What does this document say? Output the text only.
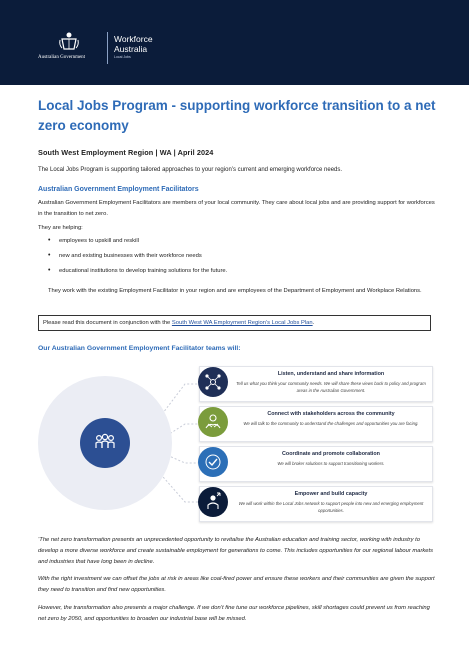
Australian Government
Workforce
Australia
Local Jobs
Local Jobs Program - supporting workforce transition to a net zero economy
South West Employment Region | WA | April 2024
The Local Jobs Program is supporting tailored approaches to your region’s current and emerging workforce needs.
Australian Government Employment Facilitators
Australian Government Employment Facilitators are members of your local community. They care about local jobs and are providing support for workforces in the transition to net zero.
They are helping:
• employees to upskill and reskill
• new and existing businesses with their workforce needs
• educational institutions to develop training solutions for the future.
They work with the existing Employment Facilitator in your region and are employees of the Department of Employment and Workplace Relations.
Please read this document in conjunction with the South West WA Employment Region’s Local Jobs Plan.
Our Australian Government Employment Facilitator teams will:
Listen, understand and share information
Tell us what you think your community needs. We will share these views back to policy and program areas in the Australian Government.
Connect with stakeholders across the community
We will talk to the community to understand the challenges and opportunities you are facing.
Coordinate and promote collaboration
We will broker solutions to support transitioning workers.
Empower and build capacity
We will work within the Local Jobs network to support people into new and emerging employment opportunities.
‘The net zero transformation presents an unprecedented opportunity to revitalise the Australian education and training sector, working with industry to develop a more diverse workforce and create sustainable employment for generations to come. This includes opportunities for our regional labour markets and industries that have long been in decline.
With the right investment we can offset the jobs at risk in areas like coal-fired power and ensure these workers and their communities are given the support they need to transition and find new opportunities.
However, the transformation also presents a major challenge. If we don’t fine tune our workforce pipelines, skill shortages could prevent us from reaching net zero by 2050, and opportunities to broaden our industrial base will be missed.
